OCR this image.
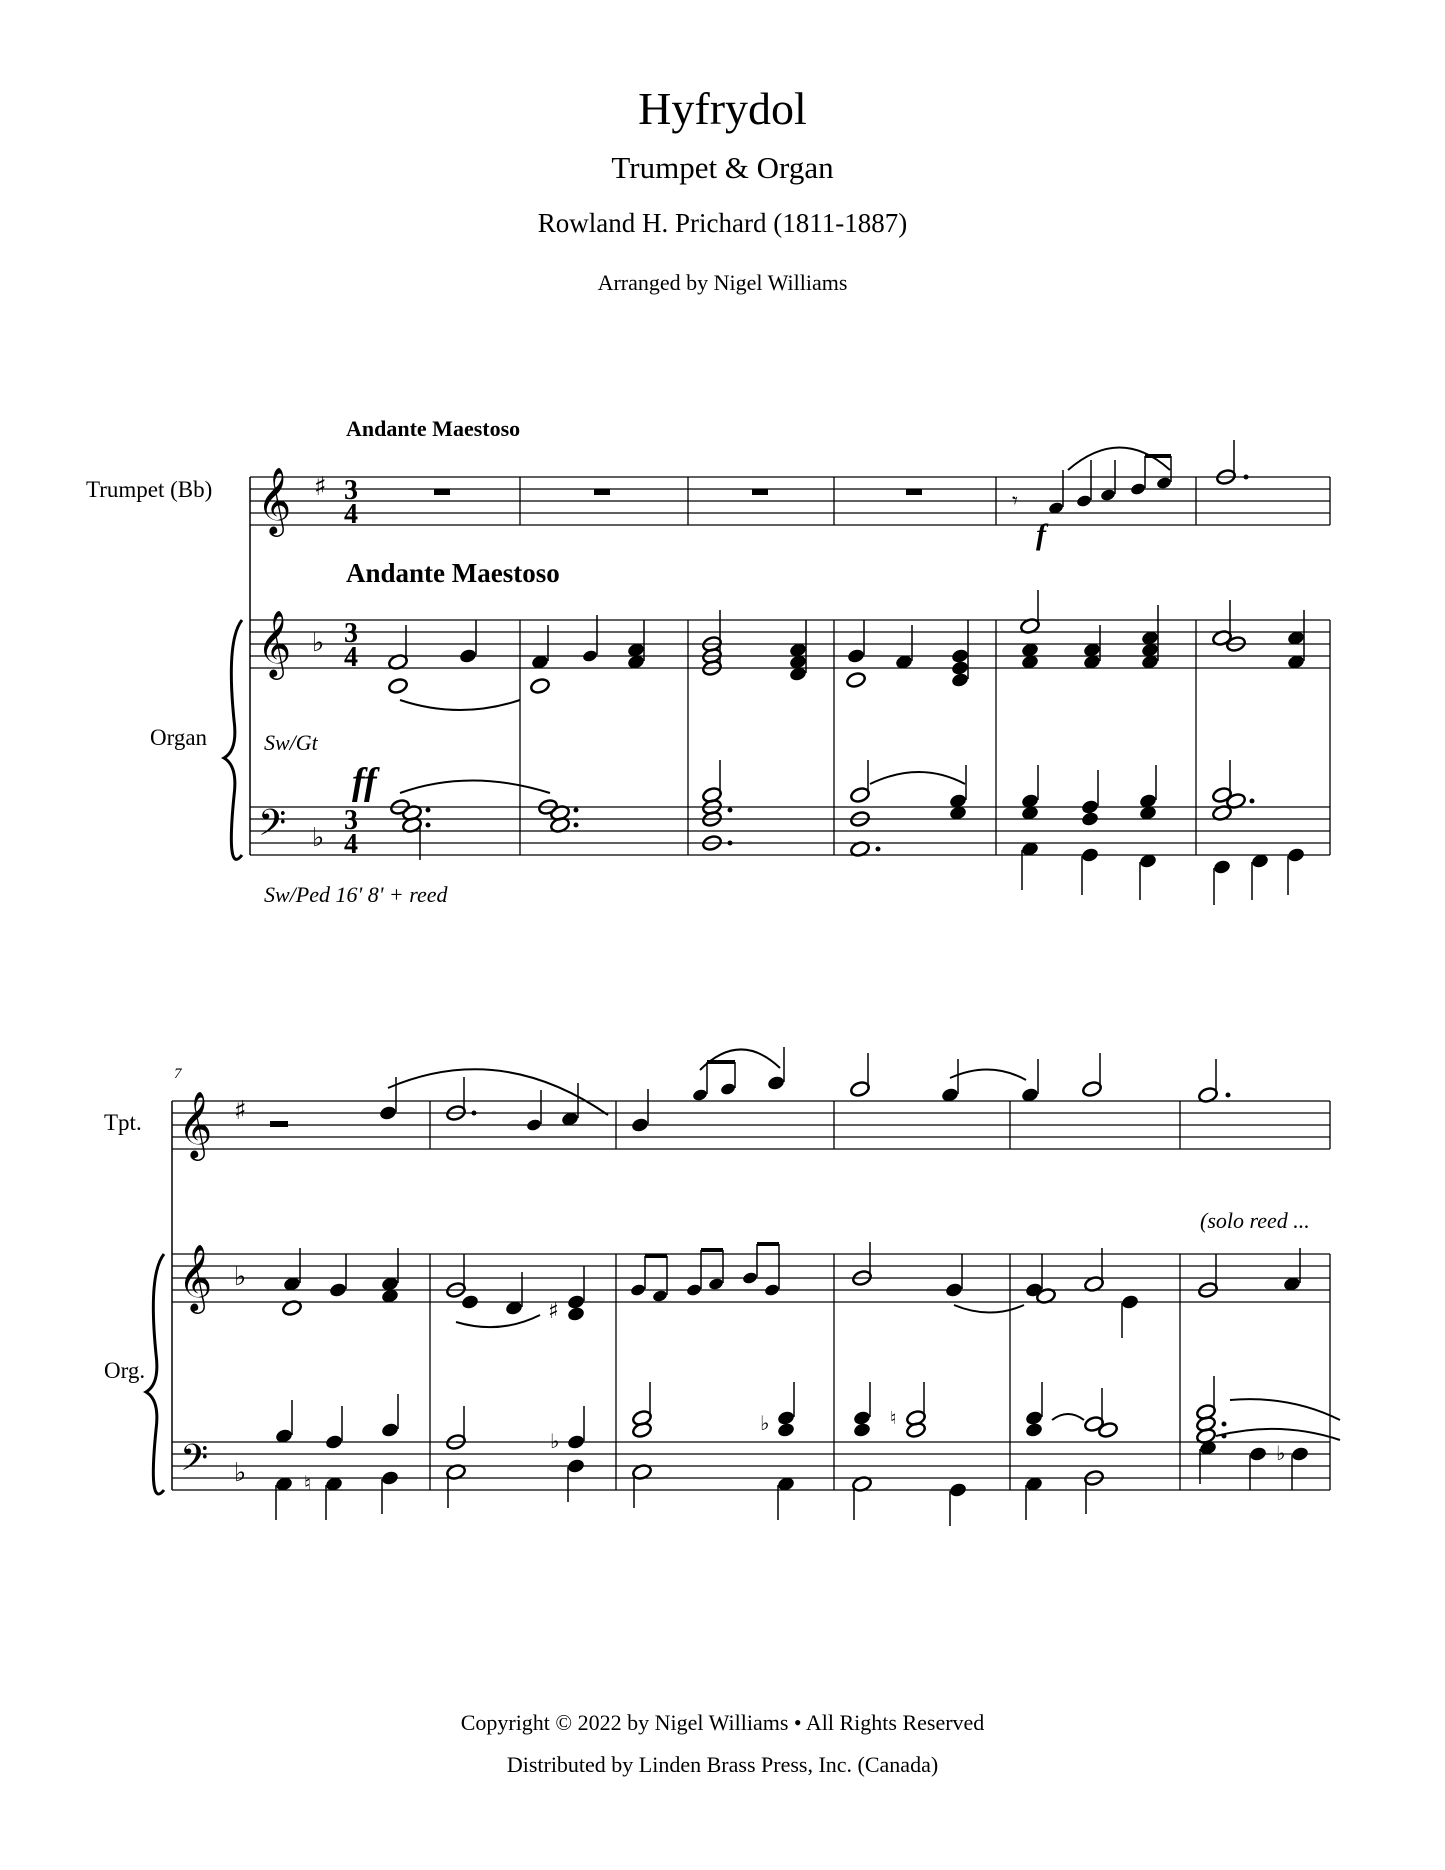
Hyfrydol
Trumpet & Organ
Rowland H. Prichard (1811-1887)
Arranged by Nigel Williams
Andante Maestoso
Andante Maestoso
Trumpet (Bb)
Organ	Sw/Gt
Sw/Ped 16' 8' + reed
ff
f
7
Tpt.
Org.
(solo reed ...
Copyright © 2022 by Nigel Williams • All Rights Reserved
Distributed by Linden Brass Press, Inc. (Canada)
𝄞 ♯ 3
4	𝄾
𝄞 ♭ 3
4
𝄢 ♭
3
4
𝄞 ♯
𝄞 ♭
♯
𝄢 ♭	♮
♭
♭	♮
♭
